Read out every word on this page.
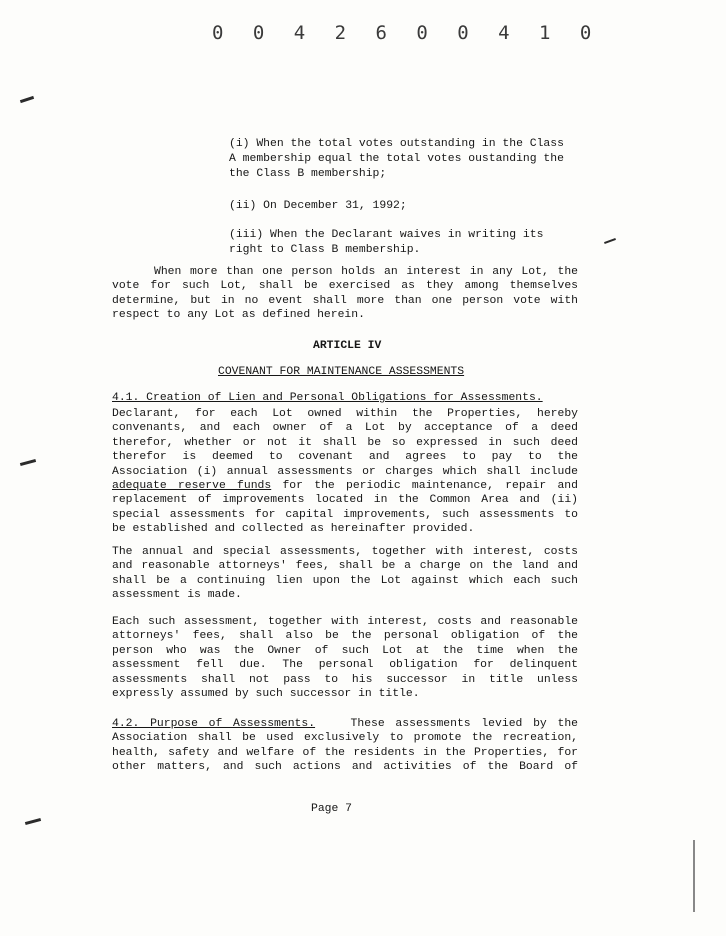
0 0 4 2 6 0 0 4 1 0
(i) When the total votes outstanding in the Class
A membership equal the total votes oustanding the
the Class B membership;
(ii) On December 31, 1992;
(iii) When the Declarant waives in writing its
right to Class B membership.
When more than one person holds an interest in any Lot, the
vote for such Lot, shall be exercised as they among themselves
determine, but in no event shall more than one person vote with
respect to any Lot as defined herein.
ARTICLE IV
COVENANT FOR MAINTENANCE ASSESSMENTS
4.1. Creation of Lien and Personal Obligations for Assessments.
Declarant, for each Lot owned within the Properties, hereby
convenants, and each owner of a Lot by acceptance of a deed
therefor, whether or not it shall be so expressed in such deed
therefor is deemed to covenant and agrees to pay to the
Association (i) annual assessments or charges which shall include
adequate reserve funds for the periodic maintenance, repair and
replacement of improvements located in the Common Area and (ii)
special assessments for capital improvements, such assessments to
be established and collected as hereinafter provided.
The annual and special assessments, together with interest, costs
and reasonable attorneys' fees, shall be a charge on the land and
shall be a continuing lien upon the Lot against which each such
assessment is made.
Each such assessment, together with interest, costs and reasonable
attorneys' fees, shall also be the personal obligation of the
person who was the Owner of such Lot at the time when the
assessment fell due. The personal obligation for delinquent
assessments shall not pass to his successor in title unless
expressly assumed by such successor in title.
4.2. Purpose of Assessments.	These assessments levied by the
Association shall be used exclusively to promote the recreation,
health, safety and welfare of the residents in the Properties, for
other matters, and such actions and activities of the Board of
Page 7
